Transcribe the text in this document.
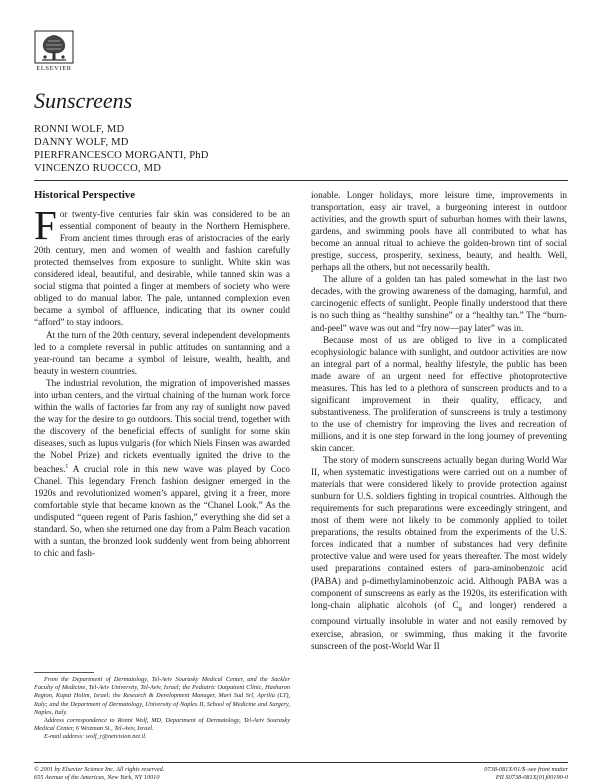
ELSEVIER
Sunscreens
RONNI WOLF, MD
DANNY WOLF, MD
PIERFRANCESCO MORGANTI, PhD
VINCENZO RUOCCO, MD
Historical Perspective

For twenty-five centuries fair skin was considered to be an essential component of beauty in the Northern Hemisphere. From ancient times through eras of aristocracies of the early 20th century, men and women of wealth and fashion carefully protected themselves from exposure to sunlight. White skin was considered ideal, beautiful, and desirable, while tanned skin was a social stigma that pointed a finger at members of society who were obliged to do manual labor. The pale, untanned complexion even became a symbol of affluence, indicating that its owner could “afford” to stay indoors.

At the turn of the 20th century, several independent developments led to a complete reversal in public attitudes on suntanning and a year-round tan became a symbol of leisure, wealth, health, and beauty in western countries.

The industrial revolution, the migration of impoverished masses into urban centers, and the virtual chaining of the human work force within the walls of factories far from any ray of sunlight now paved the way for the desire to go outdoors. This social trend, together with the discovery of the beneficial effects of sunlight for some skin diseases, such as lupus vulgaris (for which Niels Finsen was awarded the Nobel Prize) and rickets eventually ignited the drive to the beaches.$^1$ A crucial role in this new wave was played by Coco Chanel. This legendary French fashion designer emerged in the 1920s and revolutionized women’s apparel, giving it a freer, more comfortable style that became known as the “Chanel Look.” As the undisputed “queen regent of Paris fashion,” everything she did set a standard. So, when she returned one day from a Palm Beach vacation with a suntan, the bronzed look suddenly went from being abhorrent to chic and fash-

ionable. Longer holidays, more leisure time, improvements in transportation, easy air travel, a burgeoning interest in outdoor activities, and the growth spurt of suburban homes with their lawns, gardens, and swimming pools have all contributed to what has become an annual ritual to achieve the golden-brown tint of social prestige, success, prosperity, sexiness, beauty, and health. Well, perhaps all the others, but not necessarily health.

The allure of a golden tan has paled somewhat in the last two decades, with the growing awareness of the damaging, harmful, and carcinogenic effects of sunlight. People finally understood that there is no such thing as “healthy sunshine” or a “healthy tan.” The “burn-and-peel” wave was out and “fry now—pay later” was in.

Because most of us are obliged to live in a complicated ecophysiologic balance with sunlight, and outdoor activities are now an integral part of a normal, healthy lifestyle, the public has been made aware of an urgent need for effective photoprotective measures. This has led to a plethora of sunscreen products and to a significant improvement in their quality, efficacy, and substantiveness. The proliferation of sunscreens is truly a testimony to the use of chemistry for improving the lives and recreation of millions, and it is one step forward in the long journey of preventing skin cancer.

The story of modern sunscreens actually began during World War II, when systematic investigations were carried out on a number of materials that were considered likely to provide protection against sunburn for U.S. soldiers fighting in tropical countries. Although the requirements for such preparations were exceedingly stringent, and most of them were not likely to be commonly applied to toilet preparations, the results obtained from the experiments of the U.S. forces indicated that a number of substances had very definite protective value and were used for years thereafter. The most widely used preparations contained esters of para-aminobenzoic acid (PABA) and p-dimethylaminobenzoic acid. Although PABA was a component of sunscreens as early as the 1920s, its esterification with long-chain aliphatic alcohols (of $C_8$ and longer) rendered a compound virtually insoluble in water and not easily removed by exercise, abrasion, or swimming, thus making it the favorite sunscreen of the post-World War II

From the Department of Dermatology, Tel-Aviv Sourasky Medical Center, and the Sackler Faculty of Medicine, Tel-Aviv University, Tel-Aviv, Israel; the Pediatric Outpatient Clinic, Hasharon Region, Kupat Holim, Israel; the Research & Development Manager, Mavi Sud Srl, Aprilia (LT), Italy; and the Department of Dermatology, University of Naples II, School of Medicine and Surgery, Naples, Italy.

Address correspondence to Ronni Wolf, MD, Department of Dermatology, Tel-Aviv Sourasky Medical Center, 6 Weizman St., Tel-Aviv, Israel.

E-mail address: wolf_r@netvision.net.il.

© 2001 by Elsevier Science Inc. All rights reserved.
655 Avenue of the Americas, New York, NY 10010
0738-081X/01/$–see front matter
PII S0738-081X(01)00190-0
